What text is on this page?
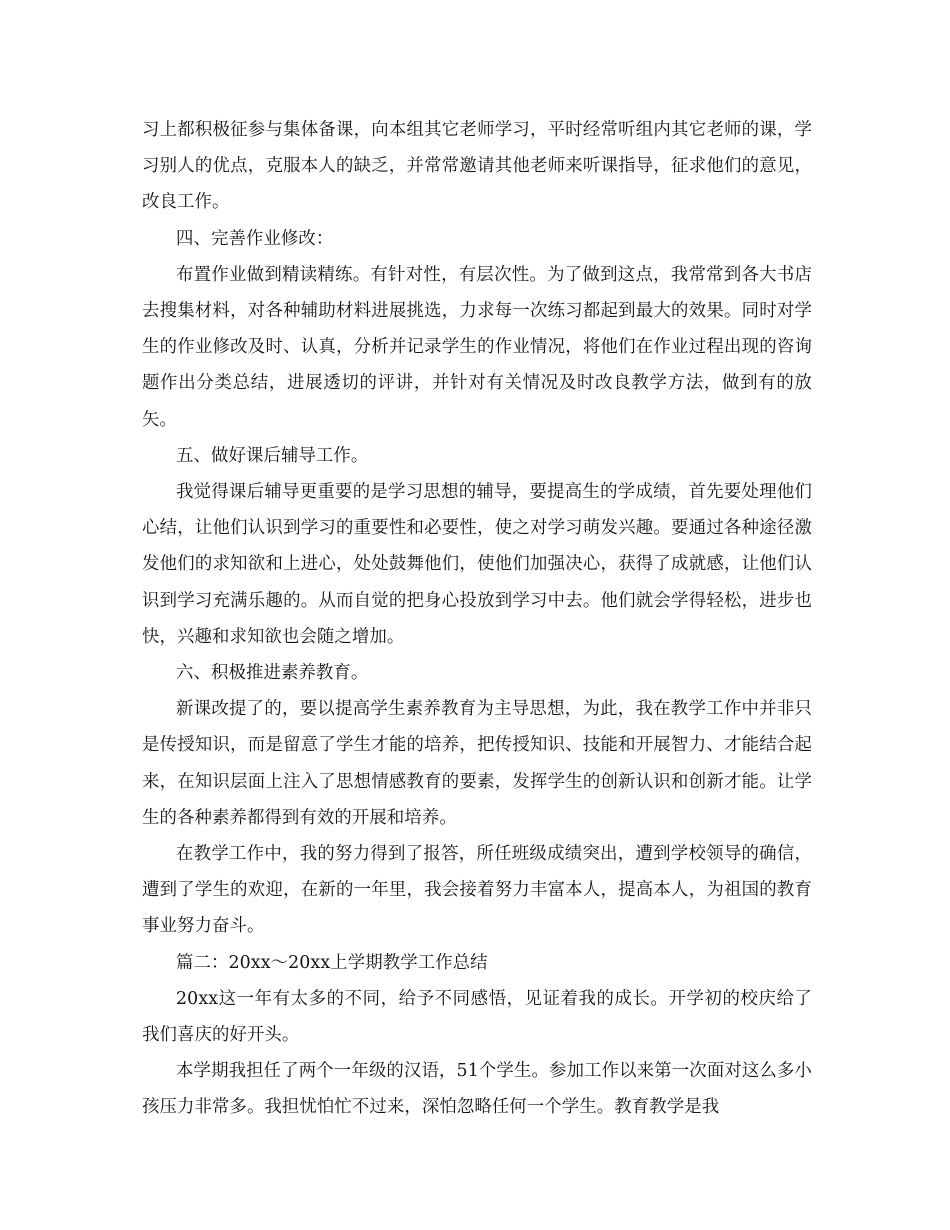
习上都积极征参与集体备课，向本组其它老师学习，平时经常听组内其它老师的课，学习别人的优点，克服本人的缺乏，并常常邀请其他老师来听课指导，征求他们的意见，改良工作。

四、完善作业修改：

布置作业做到精读精练。有针对性，有层次性。为了做到这点，我常常到各大书店去搜集材料，对各种辅助材料进展挑选，力求每一次练习都起到最大的效果。同时对学生的作业修改及时、认真，分析并记录学生的作业情况，将他们在作业过程出现的咨询题作出分类总结，进展透切的评讲，并针对有关情况及时改良教学方法，做到有的放矢。

五、做好课后辅导工作。

我觉得课后辅导更重要的是学习思想的辅导，要提高生的学成绩，首先要处理他们心结，让他们认识到学习的重要性和必要性，使之对学习萌发兴趣。要通过各种途径激发他们的求知欲和上进心，处处鼓舞他们，使他们加强决心，获得了成就感，让他们认识到学习充满乐趣的。从而自觉的把身心投放到学习中去。他们就会学得轻松，进步也快，兴趣和求知欲也会随之增加。

六、积极推进素养教育。

新课改提了的，要以提高学生素养教育为主导思想，为此，我在教学工作中并非只是传授知识，而是留意了学生才能的培养，把传授知识、技能和开展智力、才能结合起来，在知识层面上注入了思想情感教育的要素，发挥学生的创新认识和创新才能。让学生的各种素养都得到有效的开展和培养。

在教学工作中，我的努力得到了报答，所任班级成绩突出，遭到学校领导的确信，遭到了学生的欢迎，在新的一年里，我会接着努力丰富本人，提高本人，为祖国的教育事业努力奋斗。

篇二：20xx～20xx上学期教学工作总结

20xx这一年有太多的不同，给予不同感悟，见证着我的成长。开学初的校庆给了我们喜庆的好开头。

本学期我担任了两个一年级的汉语，51个学生。参加工作以来第一次面对这么多小孩压力非常多。我担忧怕忙不过来，深怕忽略任何一个学生。教育教学是我
